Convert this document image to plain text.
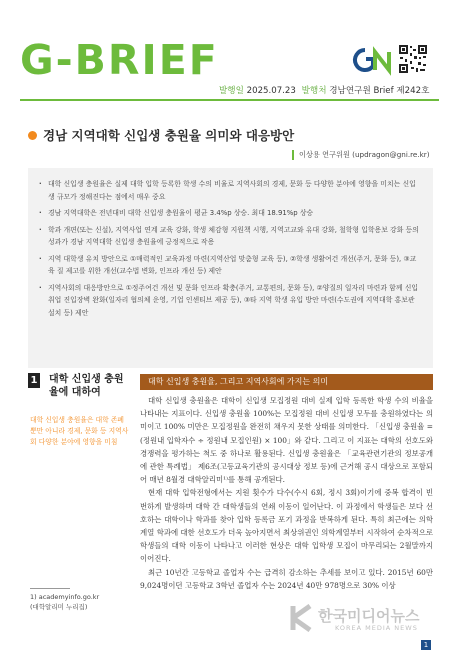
G-BRIEF
발행일 2025.07.23 발행처 경남연구원 Brief 제242호
경남 지역대학 신입생 충원율 의미와 대응방안
이상용 연구위원 (updragon@gni.re.kr)
· 대학 신입생 충원율은 실제 대학 입학 등록한 학생 수의 비율로 지역사회의 경제, 문화 등 다양한 분야에 영향을 미치는 신입생 규모가 정해진다는 점에서 매우 중요
· 경남 지역대학은 전년대비 대학 신입생 충원율이 평균 3.4%p 상승. 최대 18.91%p 상승
· 학과 개편(또는 신설), 지역사업 연계 교육 강화, 학생 체감형 지원책 시행, 지역고교와 유대 강화, 철학형 입학용보 강화 등의 성과가 경남 지역대학 신입생 충원율에 긍정적으로 작용
· 지역 대학생 유치 방안으로 ①매력적인 교육과정 마련(지역산업 맞춤형 교육 등), ②학생 생활여건 개선(주거, 문화 등), ③교육 질 제고를 위한 개선(교수법 변화, 인프라 개선 등) 제안
· 지역사회의 대응방안으로 ①정주여건 개선 및 문화 인프라 확충(주거, 교통편의, 문화 등), ②양질의 일자리 마련과 함께 신입 취업 진입장벽 완화(일자리 협의체 운영, 기업 인센티브 제공 등), ③타 지역 학생 유입 방안 마련(수도권에 지역대학 홍보관 설치 등) 제안
1 대학 신입생 충원율에 대하여
대학 신입생 충원율은 대학 존폐뿐만 아니라 경제, 문화 등 지역사회 다양한 분야에 영향을 미침
1) academyinfo.go.kr
(대학알리미 누리집)
대학 신입생 충원율, 그리고 지역사회에 가지는 의미

대학 신입생 충원율은 대학이 신입생 모집정원 대비 실제 입학 등록한 학생 수의 비율을 나타내는 지표이다. 신입생 충원율 100%는 모집정원 대비 신입생 모두를 충원하였다는 의미이고 100% 미만은 모집정원을 완전히 채우지 못한 상태를 의미한다. 「신입생 충원율 = (정원내 입학자수 ÷ 정원내 모집인원) × 100」와 같다. 그리고 이 지표는 대학의 선호도와 경쟁력을 평가하는 척도 중 하나로 활용된다. 신입생 충원율은 「교육관련기관의 정보공개에 관한 특례법」 제6조(고등교육기관의 공시대상 정보 등)에 근거해 공시 대상으로 포함되어 매년 8월경 대학알리미¹⁾를 통해 공개된다.

현재 대학 입학전형에서는 지원 횟수가 다수(수시 6회, 정시 3회)이기에 중복 합격이 빈번하게 발생하며 대학 간 대학생들의 연쇄 이동이 일어난다. 이 과정에서 학생들은 보다 선호하는 대학이나 학과를 찾아 입학 등록금 포기 과정을 반복하게 된다. 특히 최근에는 의학계열 학과에 대한 선호도가 더욱 높아지면서 최상위권인 의학계열부터 시작하여 순차적으로 학생들의 대학 이동이 나타나고 이러한 현상은 대학 입학생 모집이 마무리되는 2월말까지 이어진다.

최근 10년간 고등학교 졸업자 수는 급격히 감소하는 추세를 보이고 있다. 2015년 60만 9,024명이던 고등학교 3학년 졸업자 수는 2024년 40만 978명으로 30% 이상

한국미디어뉴스
KOREA MEDIA NEWS
1
